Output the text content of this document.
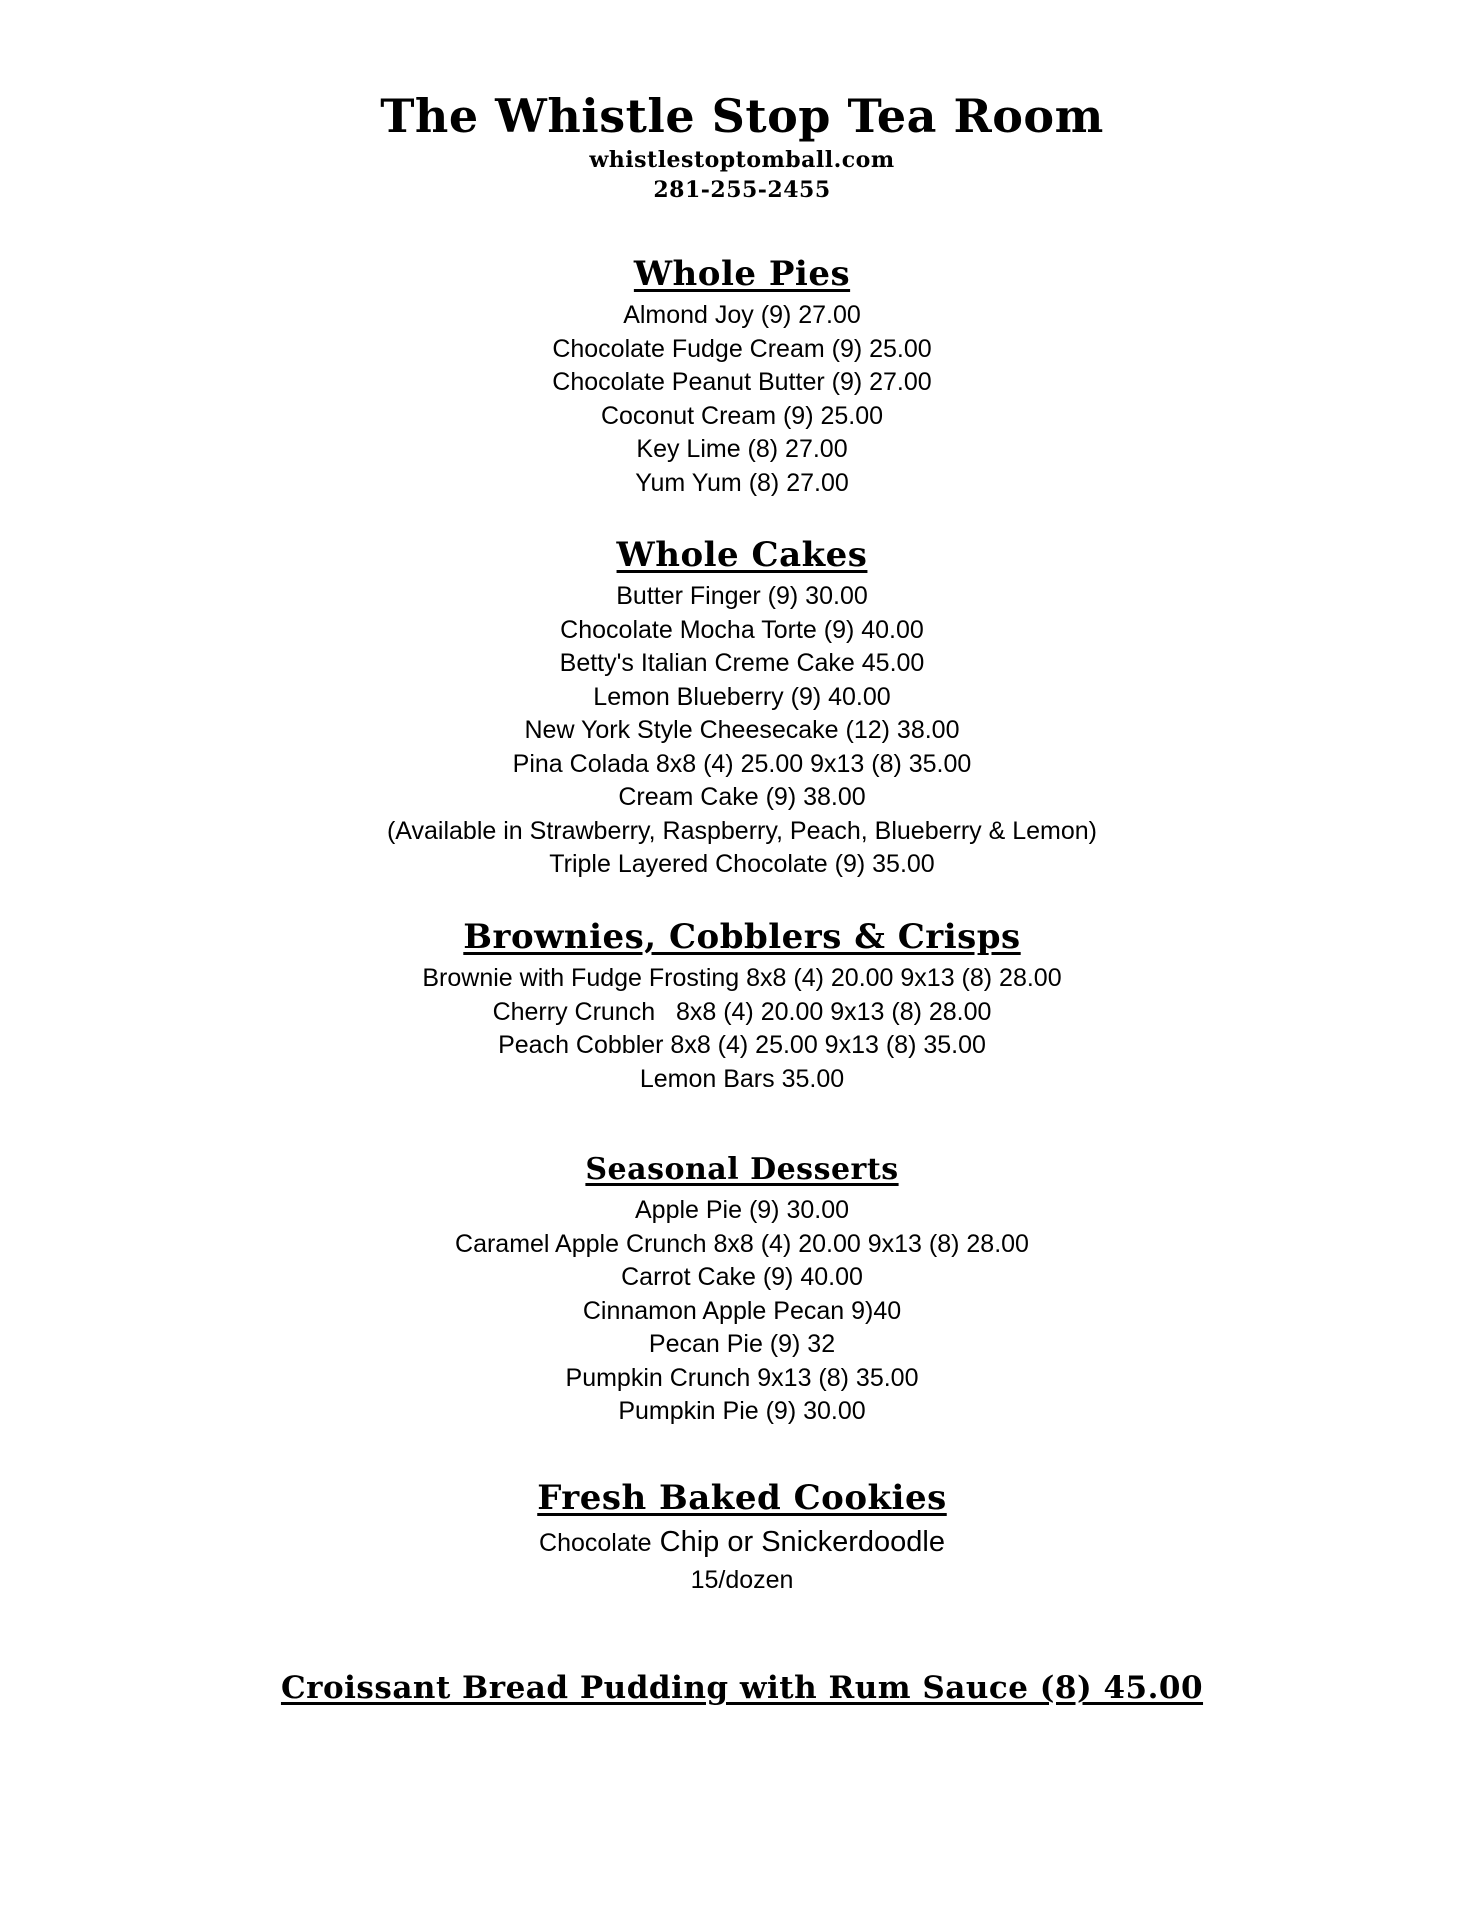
The Whistle Stop Tea Room
whistlestoptomball.com
281-255-2455
Whole Pies
Almond Joy (9) 27.00
Chocolate Fudge Cream (9) 25.00
Chocolate Peanut Butter (9) 27.00
Coconut Cream (9) 25.00
Key Lime (8) 27.00
Yum Yum (8) 27.00
Whole Cakes
Butter Finger (9) 30.00
Chocolate Mocha Torte (9) 40.00
Betty's Italian Creme Cake 45.00
Lemon Blueberry (9) 40.00
New York Style Cheesecake (12) 38.00
Pina Colada 8x8 (4) 25.00 9x13 (8) 35.00
Cream Cake (9) 38.00
(Available in Strawberry, Raspberry, Peach, Blueberry & Lemon)
Triple Layered Chocolate (9) 35.00
Brownies, Cobblers & Crisps
Brownie with Fudge Frosting 8x8 (4) 20.00 9x13 (8) 28.00
Cherry Crunch   8x8 (4) 20.00 9x13 (8) 28.00
Peach Cobbler 8x8 (4) 25.00 9x13 (8) 35.00
Lemon Bars 35.00
Seasonal Desserts
Apple Pie (9) 30.00
Caramel Apple Crunch 8x8 (4) 20.00 9x13 (8) 28.00
Carrot Cake (9) 40.00
Cinnamon Apple Pecan 9)40
Pecan Pie (9) 32
Pumpkin Crunch 9x13 (8) 35.00
Pumpkin Pie (9) 30.00
Fresh Baked Cookies
Chocolate Chip or Snickerdoodle
15/dozen
Croissant Bread Pudding with Rum Sauce (8) 45.00
